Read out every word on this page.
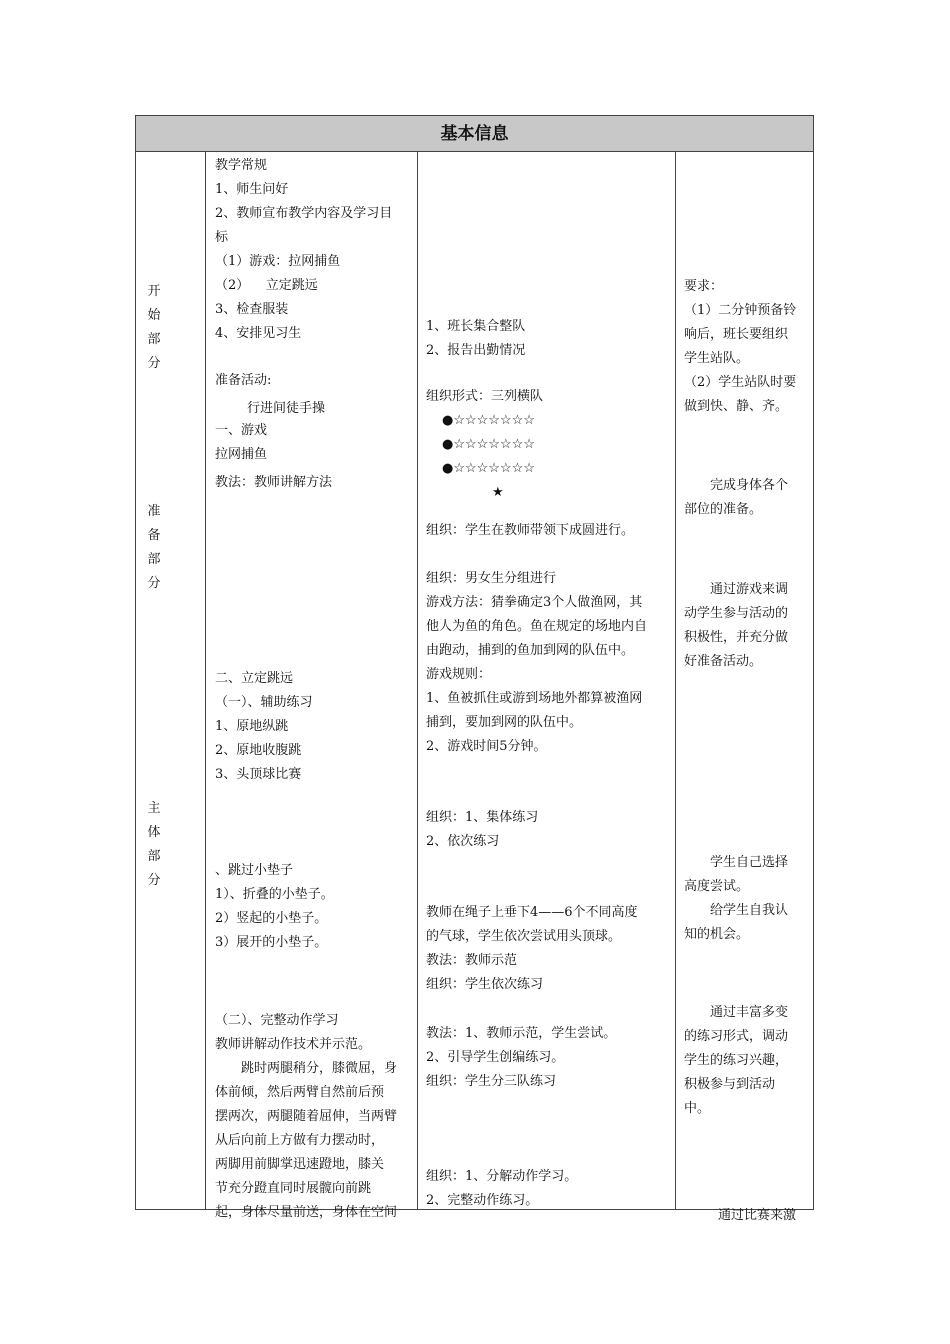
基本信息
开
始
部
分
准
备
部
分
主
体
部
分
教学常规
1、师生问好
2、教师宣布教学内容及学习目
标
（1）游戏：拉网捕鱼
（2）    立定跳远
3、检查服装
4、安排见习生
准备活动:
行进间徒手操
一、游戏
拉网捕鱼
教法：教师讲解方法
二、立定跳远
（一）、辅助练习
1、原地纵跳
2、原地收腹跳
3、头顶球比赛
、跳过小垫子
1）、折叠的小垫子。
2）竖起的小垫子。
3）展开的小垫子。
（二）、完整动作学习
教师讲解动作技术并示范。
　　跳时两腿稍分，膝微屈，身
体前倾，然后两臂自然前后预
摆两次，两腿随着屈伸，当两臂
从后向前上方做有力摆动时，
两脚用前脚掌迅速蹬地，膝关
节充分蹬直同时展髋向前跳
起，身体尽量前送，身体在空间
1、班长集合整队
2、报告出勤情况
组织形式：三列横队
●☆☆☆☆☆☆☆
●☆☆☆☆☆☆☆
●☆☆☆☆☆☆☆
★
组织：学生在教师带领下成圆进行。
组织：男女生分组进行
游戏方法：猜拳确定3个人做渔网，其
他人为鱼的角色。鱼在规定的场地内自
由跑动，捕到的鱼加到网的队伍中。
游戏规则：
1、鱼被抓住或游到场地外都算被渔网
捕到，要加到网的队伍中。
2、游戏时间5分钟。
组织：1、集体练习
2、依次练习
教师在绳子上垂下4——6个不同高度
的气球，学生依次尝试用头顶球。
教法：教师示范
组织：学生依次练习
教法：1、教师示范，学生尝试。
2、引导学生创编练习。
组织：学生分三队练习
组织：1、分解动作学习。
2、完整动作练习。
要求：
（1）二分钟预备铃
响后，班长要组织
学生站队。
（2）学生站队时要
做到快、静、齐。
　　完成身体各个
部位的准备。
　　通过游戏来调
动学生参与活动的
积极性，并充分做
好准备活动。
　　学生自己选择
高度尝试。
　　给学生自我认
知的机会。
　　通过丰富多变
的练习形式，调动
学生的练习兴趣，
积极参与到活动
中。
通过比赛来激
